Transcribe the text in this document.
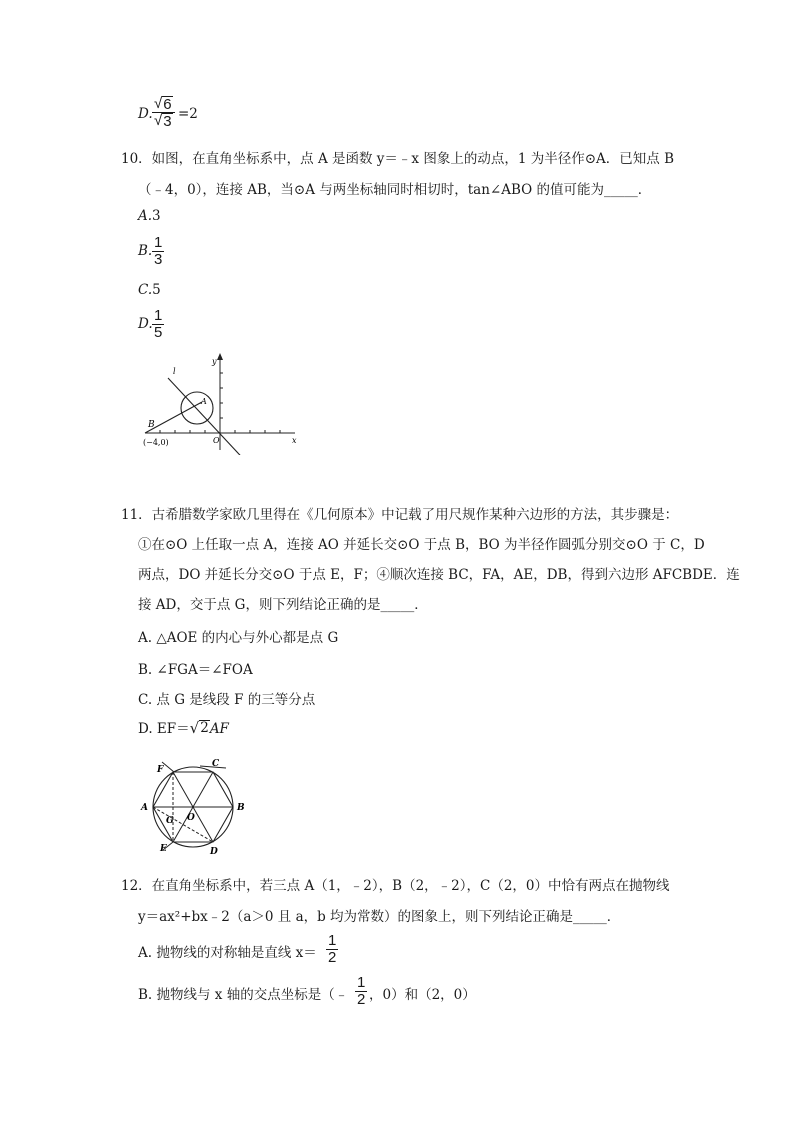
D.
√ 6
√ 3 =2
10．如图，在直角坐标系中，点 A 是函数 y＝﹣x 图象上的动点，1 为半径作⊙A．已知点 B
（﹣4，0），连接 AB，当⊙A 与两坐标轴同时相切时，tan∠ABO 的值可能为_____．
A.3
B. 1
3
C.5
D. 1
5
y
x
l
A
B
(−4,0)	O
11．古希腊数学家欧几里得在《几何原本》中记载了用尺规作某种六边形的方法，其步骤是：
①在⊙O 上任取一点 A，连接 AO 并延长交⊙O 于点 B，BO 为半径作圆弧分别交⊙O 于 C，D
两点，DO 并延长分交⊙O 于点 E，F；④顺次连接 BC，FA，AE，DB，得到六边形 AFCBDE．连
接 AD，交于点 G，则下列结论正确的是_____．
A. △AOE 的内心与外心都是点 G
B. ∠FGA＝∠FOA
C. 点 G 是线段 F 的三等分点
D. EF＝ √ 2 AF
F
C
A	B
G O
E	D
12．在直角坐标系中，若三点 A（1，﹣2），B（2，﹣2），C（2，0）中恰有两点在抛物线
y＝ax²+bx﹣2（a＞0 且 a，b 均为常数）的图象上，则下列结论正确是_____．
A. 抛物线的对称轴是直线 x＝
1
2
B. 抛物线与 x 轴的交点坐标是（﹣
1
2 ，0）和（2，0）
